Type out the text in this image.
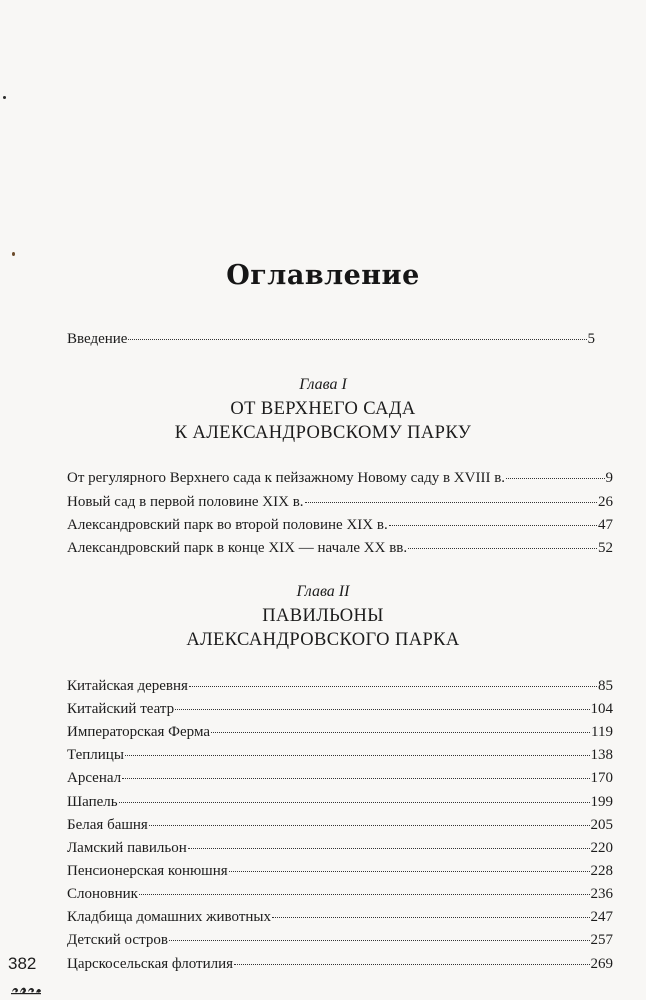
Оглавление
Введение	5
Глава I
ОТ ВЕРХНЕГО САДА
К АЛЕКСАНДРОВСКОМУ ПАРКУ
От регулярного Верхнего сада к пейзажному Новому саду в XVIII в.	9
Новый сад в первой половине XIX в.	26
Александровский парк во второй половине XIX в.	47
Александровский парк в конце XIX — начале XX вв.	52
Глава II
ПАВИЛЬОНЫ
АЛЕКСАНДРОВСКОГО ПАРКА
Китайская деревня	85
Китайский театр	104
Императорская Ферма	119
Теплицы	138
Арсенал	170
Шапель	199
Белая башня	205
Ламский павильон	220
Пенсионерская конюшня	228
Слоновник	236
Кладбища домашних животных	247
Детский остров	257
Царскосельская флотилия	269
382
